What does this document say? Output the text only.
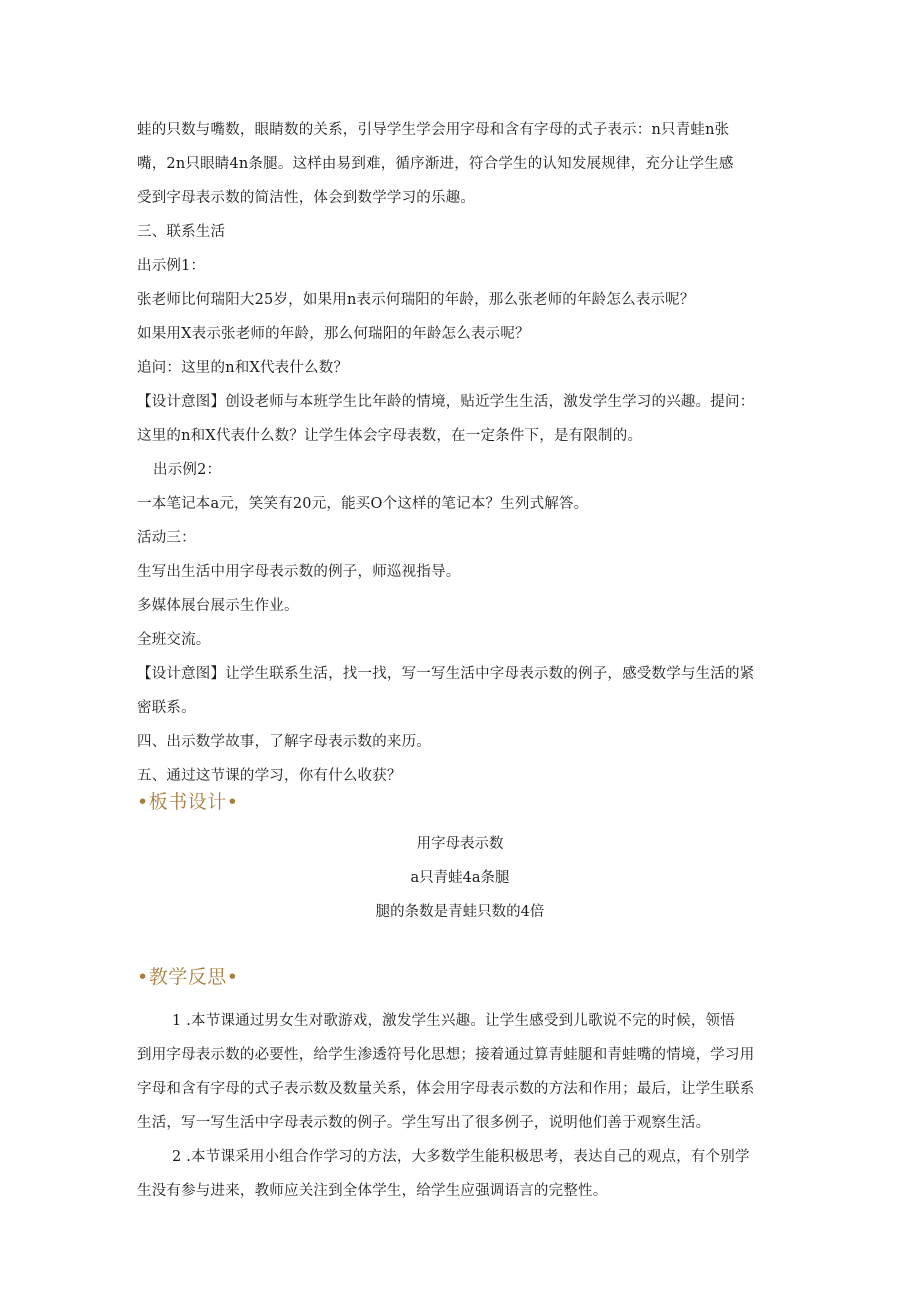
蛙的只数与嘴数，眼睛数的关系，引导学生学会用字母和含有字母的式子表示：n只青蛙n张
嘴，2n只眼睛4n条腿。这样由易到难，循序渐进，符合学生的认知发展规律，充分让学生感
受到字母表示数的简洁性，体会到数学学习的乐趣。
三、联系生活
出示例1：
张老师比何瑞阳大25岁，如果用n表示何瑞阳的年龄，那么张老师的年龄怎么表示呢？
如果用X表示张老师的年龄，那么何瑞阳的年龄怎么表示呢？
追问：这里的n和X代表什么数？
【设计意图】创设老师与本班学生比年龄的情境，贴近学生生活，激发学生学习的兴趣。提问：
这里的n和X代表什么数？让学生体会字母表数，在一定条件下，是有限制的。
出示例2：
一本笔记本a元，笑笑有20元，能买O个这样的笔记本？生列式解答。
活动三：
生写出生活中用字母表示数的例子，师巡视指导。
多媒体展台展示生作业。
全班交流。
【设计意图】让学生联系生活，找一找，写一写生活中字母表示数的例子，感受数学与生活的紧
密联系。
四、出示数学故事，了解字母表示数的来历。
五、通过这节课的学习，你有什么收获？
•板书设计•
用字母表示数
a只青蛙4a条腿
腿的条数是青蛙只数的4倍
•教学反思•
1 .本节课通过男女生对歌游戏，激发学生兴趣。让学生感受到儿歌说不完的时候，领悟
到用字母表示数的必要性，给学生渗透符号化思想；接着通过算青蛙腿和青蛙嘴的情境，学习用
字母和含有字母的式子表示数及数量关系，体会用字母表示数的方法和作用；最后，让学生联系
生活，写一写生活中字母表示数的例子。学生写出了很多例子，说明他们善于观察生活。
2 .本节课采用小组合作学习的方法，大多数学生能积极思考，表达自己的观点，有个别学
生没有参与进来，教师应关注到全体学生，给学生应强调语言的完整性。
